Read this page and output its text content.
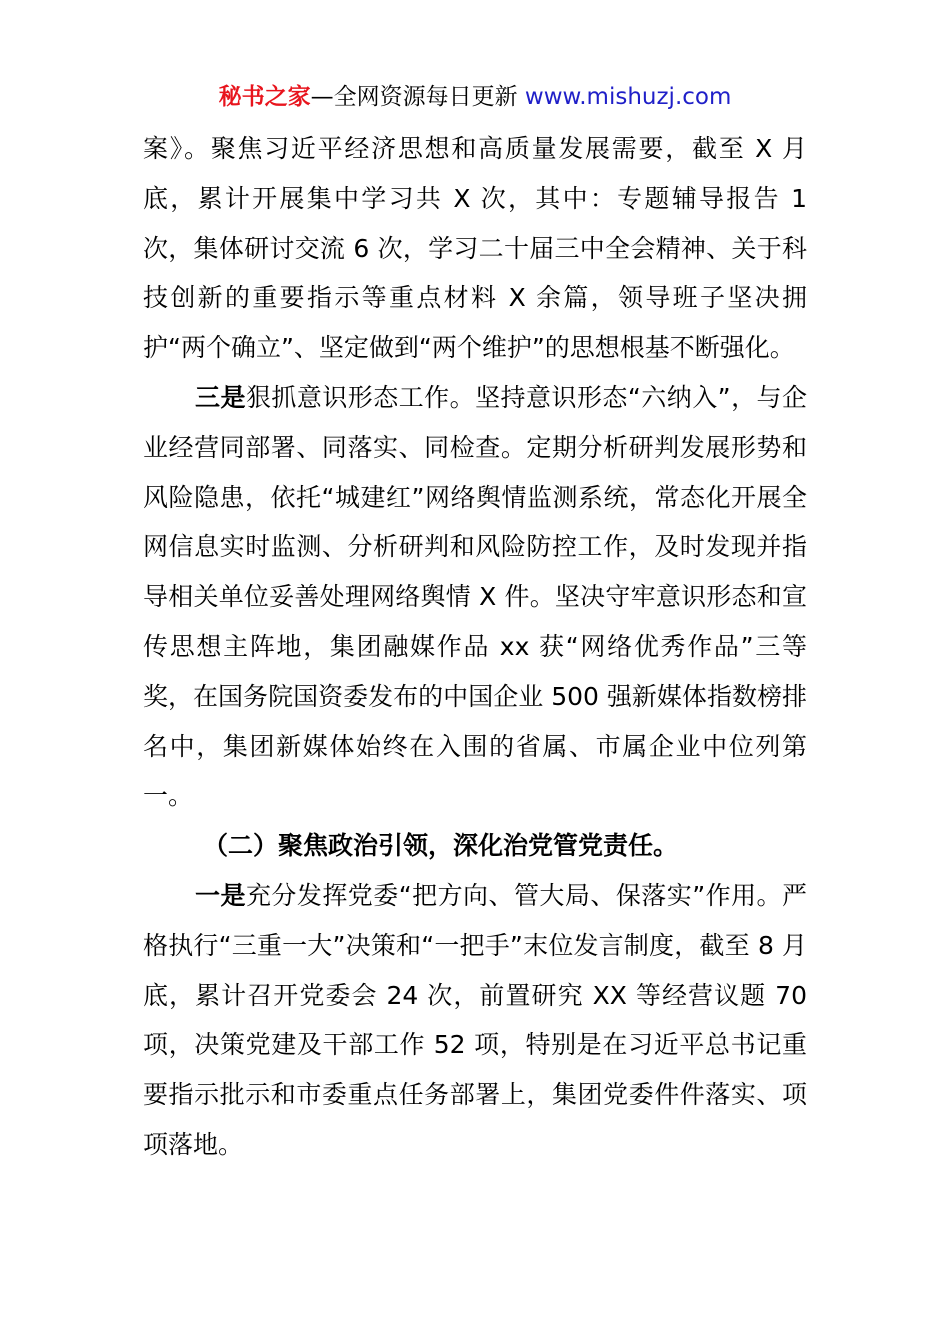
秘书之家—全网资源每日更新 www.mishuzj.com

案》。聚焦习近平经济思想和高质量发展需要，截至 X 月底，累计开展集中学习共 X 次，其中：专题辅导报告 1 次，集体研讨交流 6 次，学习二十届三中全会精神、关于科技创新的重要指示等重点材料 X 余篇，领导班子坚决拥护“两个确立”、坚定做到“两个维护”的思想根基不断强化。

三是狠抓意识形态工作。坚持意识形态“六纳入”，与企业经营同部署、同落实、同检查。定期分析研判发展形势和风险隐患，依托“城建红”网络舆情监测系统，常态化开展全网信息实时监测、分析研判和风险防控工作，及时发现并指导相关单位妥善处理网络舆情 X 件。坚决守牢意识形态和宣传思想主阵地，集团融媒作品 xx 获“网络优秀作品”三等奖，在国务院国资委发布的中国企业 500 强新媒体指数榜排名中，集团新媒体始终在入围的省属、市属企业中位列第一。

（二）聚焦政治引领，深化治党管党责任。

一是充分发挥党委“把方向、管大局、保落实”作用。严格执行“三重一大”决策和“一把手”末位发言制度，截至 8 月底，累计召开党委会 24 次，前置研究 XX 等经营议题 70 项，决策党建及干部工作 52 项，特别是在习近平总书记重要指示批示和市委重点任务部署上，集团党委件件落实、项项落地。
